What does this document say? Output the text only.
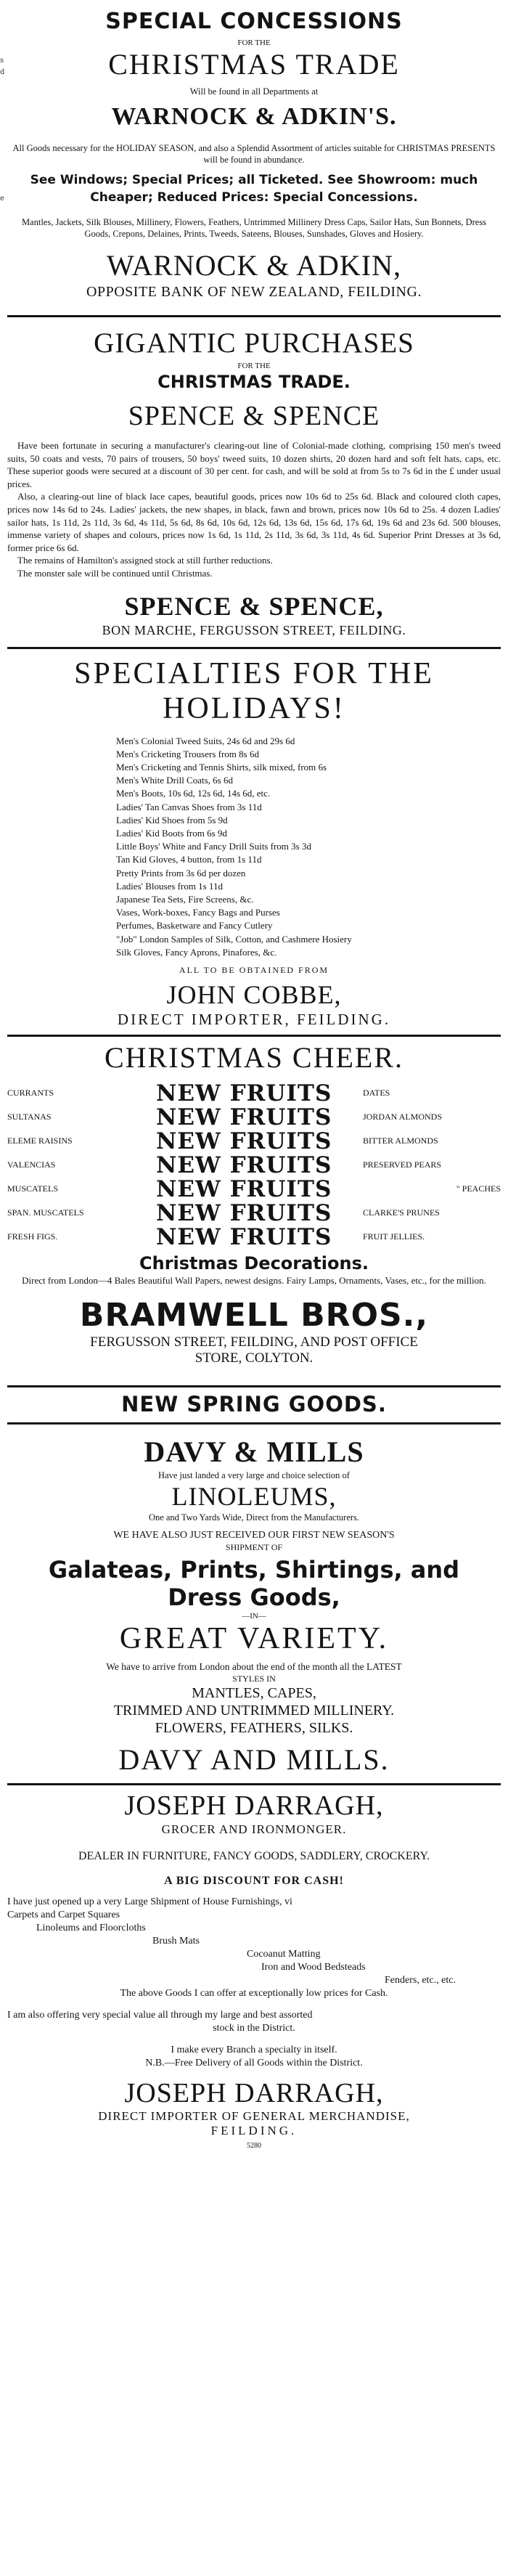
s
d
e
SPECIAL CONCESSIONS
FOR THE
CHRISTMAS TRADE
Will be found in all Departments at
WARNOCK & ADKIN'S.
All Goods necessary for the HOLIDAY SEASON, and also a Splendid Assortment of articles suitable for CHRISTMAS PRESENTS will be found in abundance.
See Windows; Special Prices; all Ticketed. See Showroom: much
Cheaper; Reduced Prices: Special Concessions.
Mantles, Jackets, Silk Blouses, Millinery, Flowers, Feathers, Untrimmed Millinery Dress Caps, Sailor Hats, Sun Bonnets, Dress Goods, Crepons, Delaines, Prints, Tweeds, Sateens, Blouses, Sunshades, Gloves and Hosiery.
WARNOCK & ADKIN,
OPPOSITE BANK OF NEW ZEALAND, FEILDING.
GIGANTIC PURCHASES
FOR THE
CHRISTMAS TRADE.
SPENCE & SPENCE
Have been fortunate in securing a manufacturer's clearing-out line of Colonial-made clothing, comprising 150 men's tweed suits, 50 coats and vests, 70 pairs of trousers, 50 boys' tweed suits, 10 dozen shirts, 20 dozen hard and soft felt hats, caps, etc. These superior goods were secured at a discount of 30 per cent. for cash, and will be sold at from 5s to 7s 6d in the £ under usual prices.
Also, a clearing-out line of black lace capes, beautiful goods, prices now 10s 6d to 25s 6d. Black and coloured cloth capes, prices now 14s 6d to 24s. Ladies' jackets, the new shapes, in black, fawn and brown, prices now 10s 6d to 25s. 4 dozen Ladies' sailor hats, 1s 11d, 2s 11d, 3s 6d, 4s 11d, 5s 6d, 8s 6d, 10s 6d, 12s 6d, 13s 6d, 15s 6d, 17s 6d, 19s 6d and 23s 6d. 500 blouses, immense variety of shapes and colours, prices now 1s 6d, 1s 11d, 2s 11d, 3s 6d, 3s 11d, 4s 6d. Superior Print Dresses at 3s 6d, former price 6s 6d.
The remains of Hamilton's assigned stock at still further reductions.
The monster sale will be continued until Christmas.
SPENCE & SPENCE,
BON MARCHE, FERGUSSON STREET, FEILDING.
SPECIALTIES FOR THE
HOLIDAYS!
Men's Colonial Tweed Suits, 24s 6d and 29s 6d
Men's Cricketing Trousers from 8s 6d
Men's Cricketing and Tennis Shirts, silk mixed, from 6s
Men's White Drill Coats, 6s 6d
Men's Boots, 10s 6d, 12s 6d, 14s 6d, etc.
Ladies' Tan Canvas Shoes from 3s 11d
Ladies' Kid Shoes from 5s 9d
Ladies' Kid Boots from 6s 9d
Little Boys' White and Fancy Drill Suits from 3s 3d
Tan Kid Gloves, 4 button, from 1s 11d
Pretty Prints from 3s 6d per dozen
Ladies' Blouses from 1s 11d
Japanese Tea Sets, Fire Screens, &c.
Vases, Work-boxes, Fancy Bags and Purses
Perfumes, Basketware and Fancy Cutlery
"Job" London Samples of Silk, Cotton, and Cashmere Hosiery
Silk Gloves, Fancy Aprons, Pinafores, &c.
ALL TO BE OBTAINED FROM
JOHN COBBE,
DIRECT IMPORTER, FEILDING.
CHRISTMAS CHEER.
CURRANTS	NEW FRUITS	DATES
SULTANAS	NEW FRUITS	JORDAN ALMONDS
ELEME RAISINS	NEW FRUITS	BITTER ALMONDS
VALENCIAS	NEW FRUITS	PRESERVED PEARS
MUSCATELS	NEW FRUITS	" PEACHES
SPAN. MUSCATELS	NEW FRUITS	CLARKE'S PRUNES
FRESH FIGS.	NEW FRUITS	FRUIT JELLIES.
Christmas Decorations.
Direct from London—4 Bales Beautiful Wall Papers, newest designs. Fairy Lamps, Ornaments, Vases, etc., for the million.
BRAMWELL BROS.,
FERGUSSON STREET, FEILDING, AND POST OFFICE
STORE, COLYTON.
NEW SPRING GOODS.
DAVY & MILLS
Have just landed a very large and choice selection of
LINOLEUMS,
One and Two Yards Wide, Direct from the Manufacturers.
WE HAVE ALSO JUST RECEIVED OUR FIRST NEW SEASON'S
SHIPMENT OF
Galateas, Prints, Shirtings, and
Dress Goods,
—IN—
GREAT VARIETY.
We have to arrive from London about the end of the month all the LATEST
STYLES IN
MANTLES, CAPES,
TRIMMED AND UNTRIMMED MILLINERY.
FLOWERS, FEATHERS, SILKS.
DAVY AND MILLS.
JOSEPH DARRAGH,
GROCER AND IRONMONGER.
DEALER IN FURNITURE, FANCY GOODS, SADDLERY, CROCKERY.
A BIG DISCOUNT FOR CASH!
I have just opened up a very Large Shipment of House Furnishings, vi
Carpets and Carpet Squares
Linoleums and Floorcloths
Brush Mats
Cocoanut Matting
Iron and Wood Bedsteads
Fenders, etc., etc.
The above Goods I can offer at exceptionally low prices for Cash.
I am also offering very special value all through my large and best assorted
stock in the District.
I make every Branch a specialty in itself.
N.B.—Free Delivery of all Goods within the District.
JOSEPH DARRAGH,
DIRECT IMPORTER OF GENERAL MERCHANDISE,
FEILDING.
5280
